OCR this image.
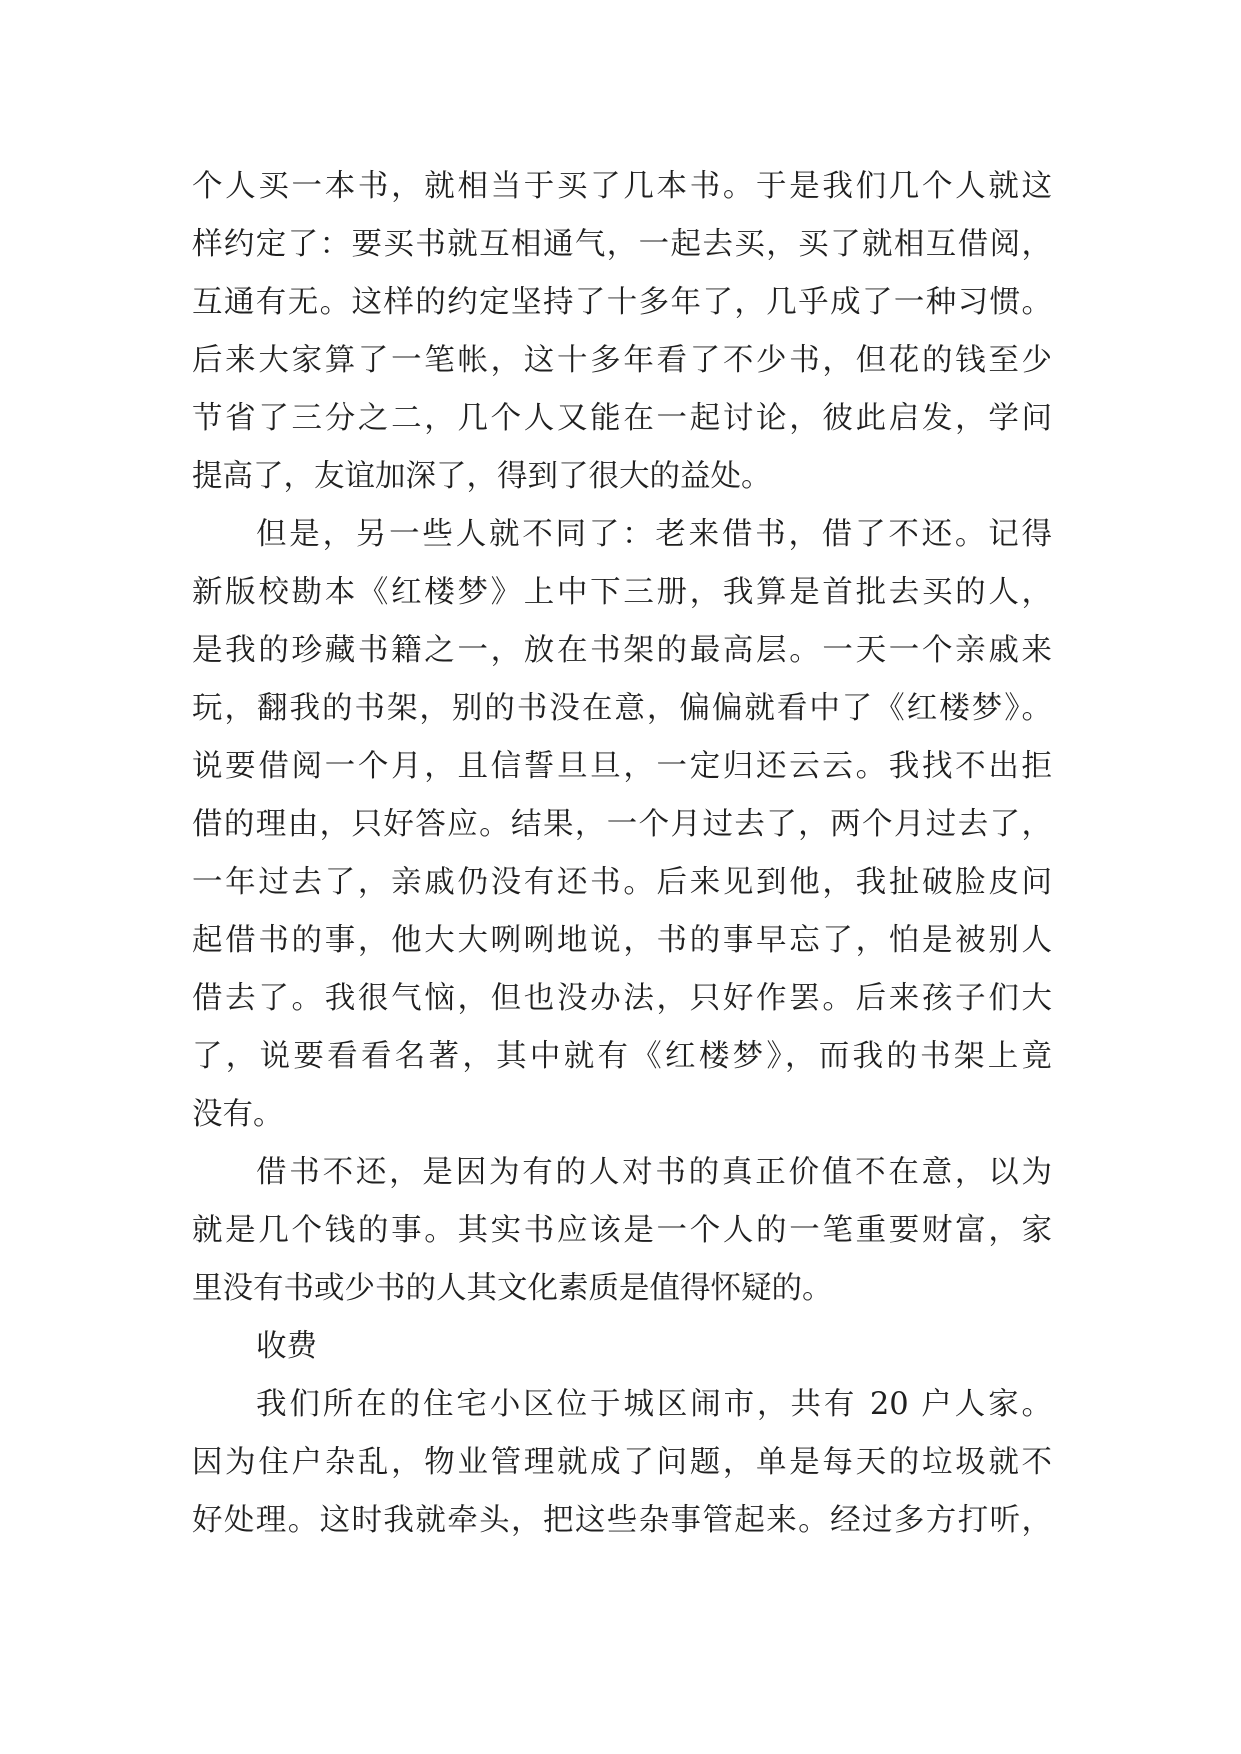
个人买一本书，就相当于买了几本书。于是我们几个人就这
样约定了：要买书就互相通气，一起去买，买了就相互借阅，
互通有无。这样的约定坚持了十多年了，几乎成了一种习惯。
后来大家算了一笔帐，这十多年看了不少书，但花的钱至少
节省了三分之二，几个人又能在一起讨论，彼此启发，学问
提高了，友谊加深了，得到了很大的益处。
但是，另一些人就不同了：老来借书，借了不还。记得
新版校勘本《红楼梦》上中下三册，我算是首批去买的人，
是我的珍藏书籍之一，放在书架的最高层。一天一个亲戚来
玩，翻我的书架，别的书没在意，偏偏就看中了《红楼梦》。
说要借阅一个月，且信誓旦旦，一定归还云云。我找不出拒
借的理由，只好答应。结果，一个月过去了，两个月过去了，
一年过去了，亲戚仍没有还书。后来见到他，我扯破脸皮问
起借书的事，他大大咧咧地说，书的事早忘了，怕是被别人
借去了。我很气恼，但也没办法，只好作罢。后来孩子们大
了，说要看看名著，其中就有《红楼梦》，而我的书架上竟
没有。
借书不还，是因为有的人对书的真正价值不在意，以为
就是几个钱的事。其实书应该是一个人的一笔重要财富，家
里没有书或少书的人其文化素质是值得怀疑的。
收费
我们所在的住宅小区位于城区闹市，共有 20 户人家。
因为住户杂乱，物业管理就成了问题，单是每天的垃圾就不
好处理。这时我就牵头，把这些杂事管起来。经过多方打听，
